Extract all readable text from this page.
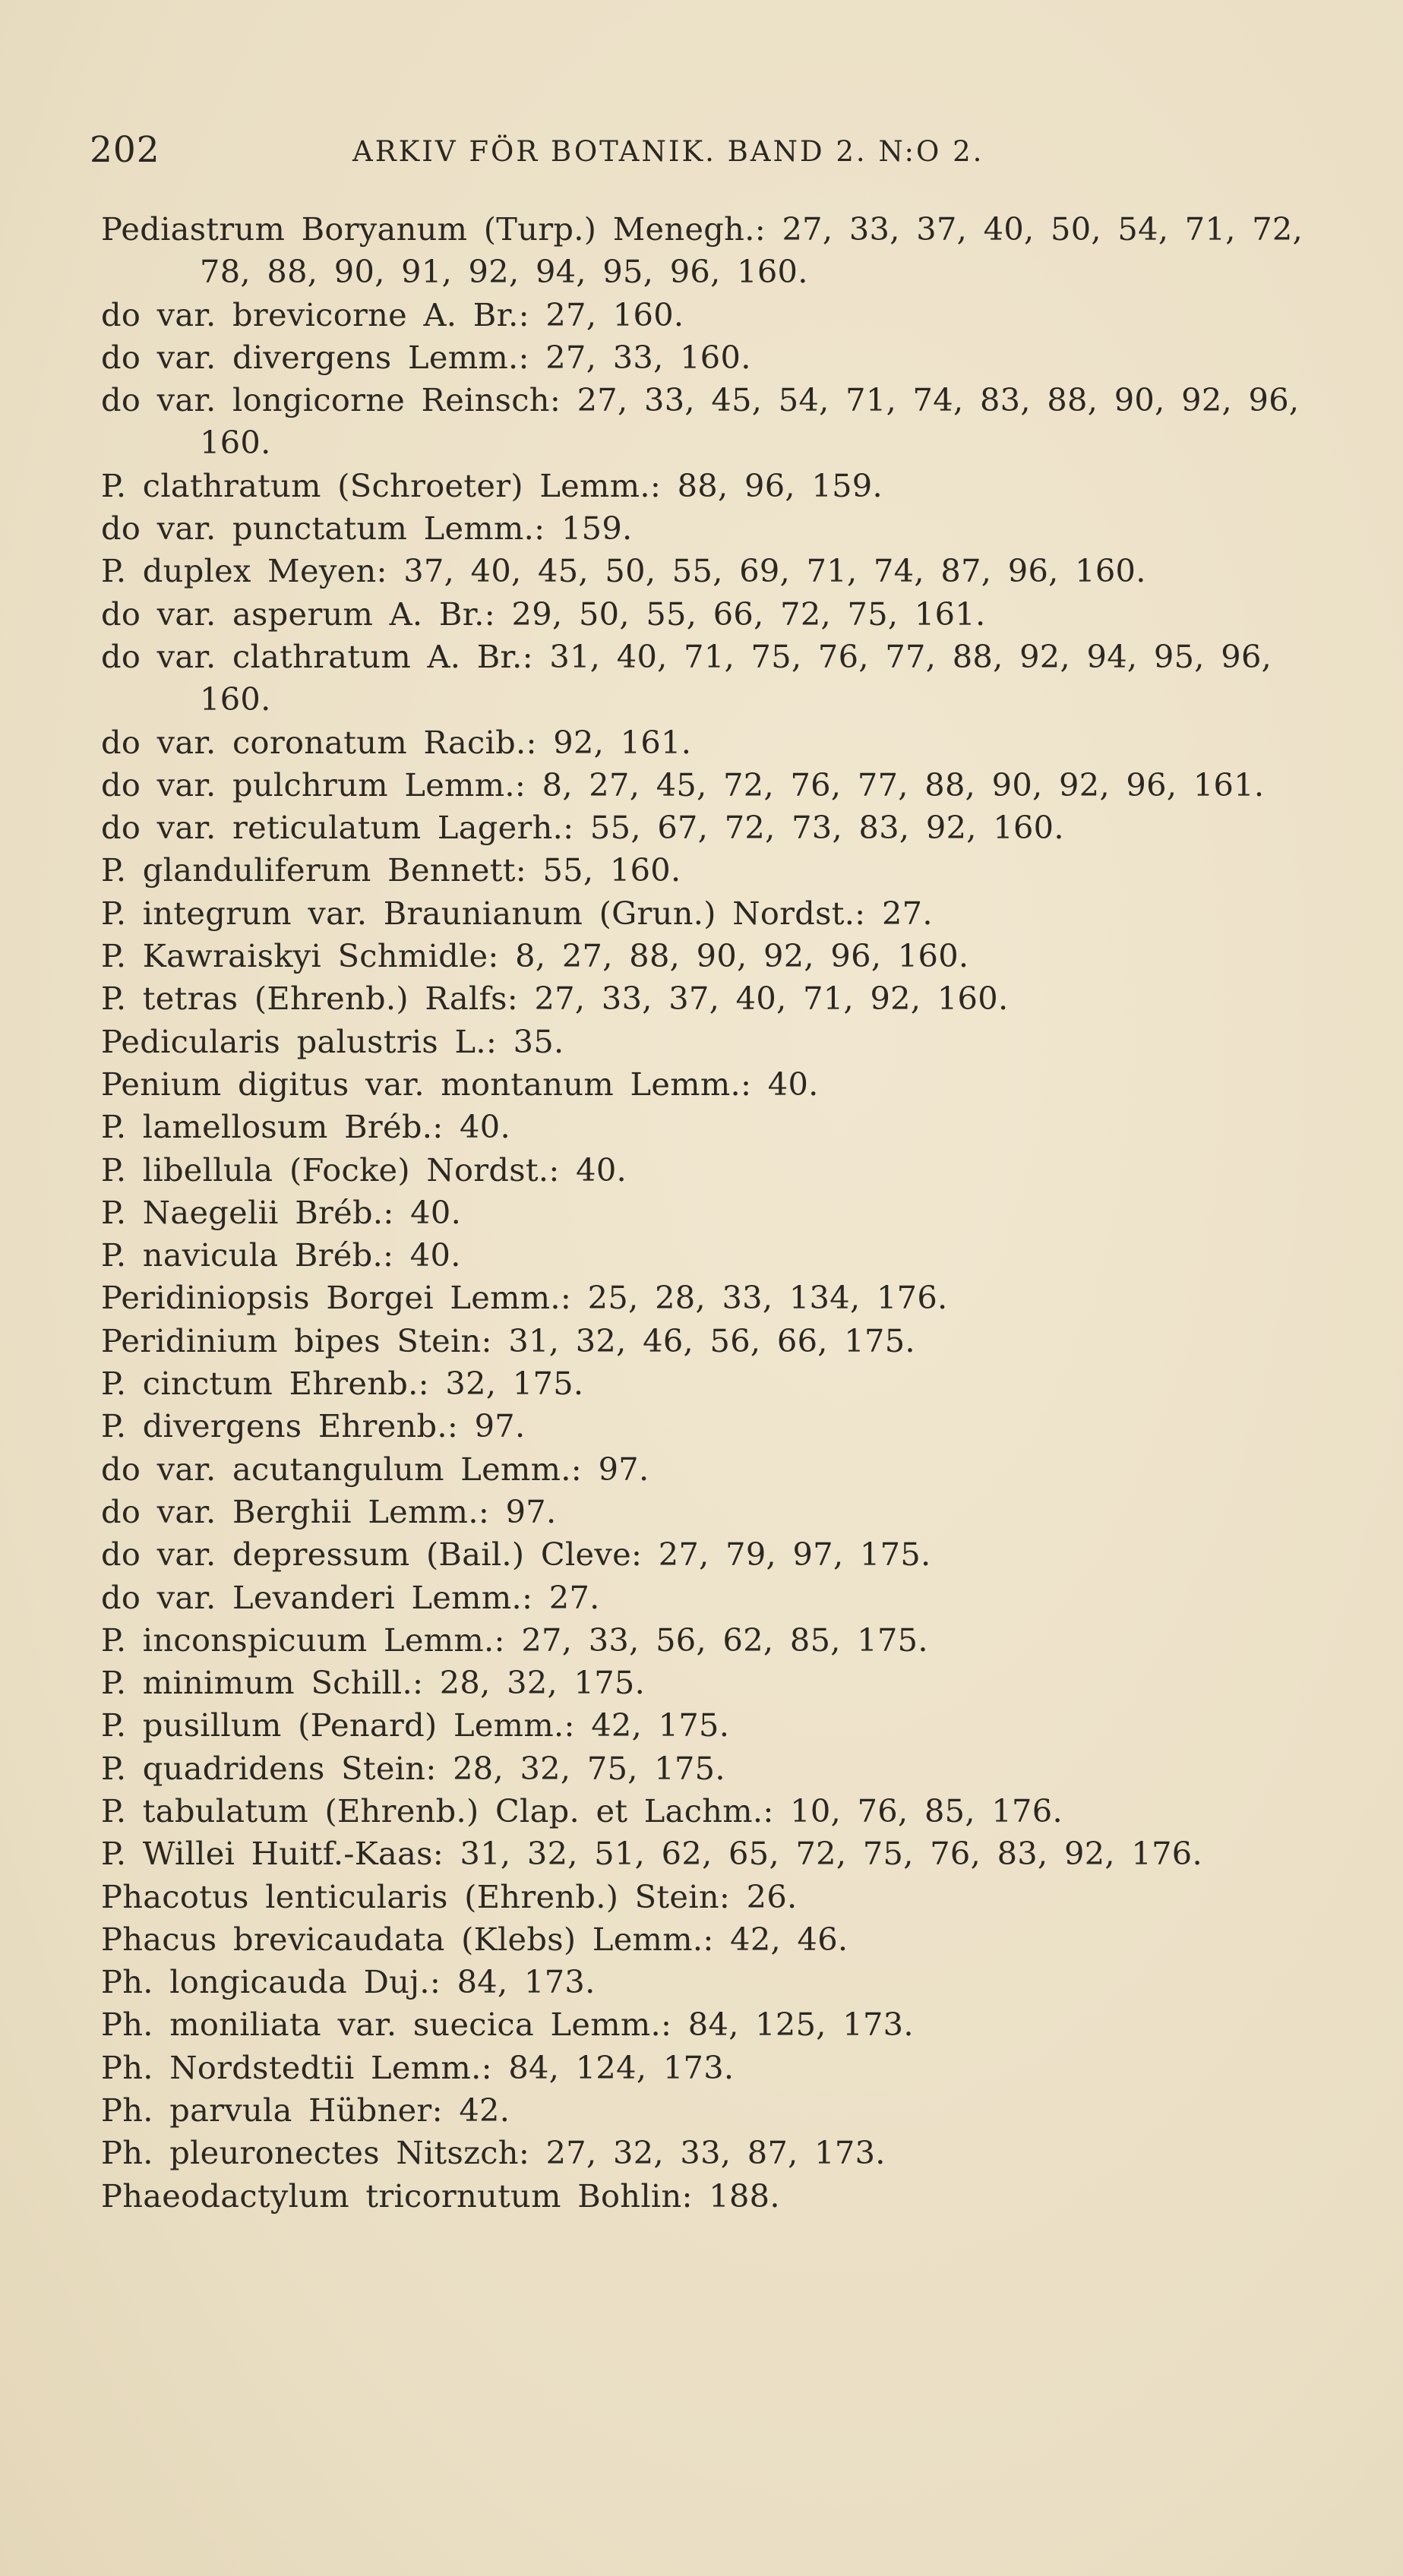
202	ARKIV FÖR BOTANIK. BAND 2. N:O 2.
Pediastrum Boryanum (Turp.) Menegh.: 27, 33, 37, 40, 50, 54, 71, 72, 78, 88, 90, 91, 92, 94, 95, 96, 160.
do var. brevicorne A. Br.: 27, 160.
do var. divergens Lemm.: 27, 33, 160.
do var. longicorne Reinsch: 27, 33, 45, 54, 71, 74, 83, 88, 90, 92, 96, 160.
P. clathratum (Schroeter) Lemm.: 88, 96, 159.
do var. punctatum Lemm.: 159.
P. duplex Meyen: 37, 40, 45, 50, 55, 69, 71, 74, 87, 96, 160.
do var. asperum A. Br.: 29, 50, 55, 66, 72, 75, 161.
do var. clathratum A. Br.: 31, 40, 71, 75, 76, 77, 88, 92, 94, 95, 96, 160.
do var. coronatum Racib.: 92, 161.
do var. pulchrum Lemm.: 8, 27, 45, 72, 76, 77, 88, 90, 92, 96, 161.
do var. reticulatum Lagerh.: 55, 67, 72, 73, 83, 92, 160.
P. glanduliferum Bennett: 55, 160.
P. integrum var. Braunianum (Grun.) Nordst.: 27.
P. Kawraiskyi Schmidle: 8, 27, 88, 90, 92, 96, 160.
P. tetras (Ehrenb.) Ralfs: 27, 33, 37, 40, 71, 92, 160.
Pedicularis palustris L.: 35.
Penium digitus var. montanum Lemm.: 40.
P. lamellosum Bréb.: 40.
P. libellula (Focke) Nordst.: 40.
P. Naegelii Bréb.: 40.
P. navicula Bréb.: 40.
Peridiniopsis Borgei Lemm.: 25, 28, 33, 134, 176.
Peridinium bipes Stein: 31, 32, 46, 56, 66, 175.
P. cinctum Ehrenb.: 32, 175.
P. divergens Ehrenb.: 97.
do var. acutangulum Lemm.: 97.
do var. Berghii Lemm.: 97.
do var. depressum (Bail.) Cleve: 27, 79, 97, 175.
do var. Levanderi Lemm.: 27.
P. inconspicuum Lemm.: 27, 33, 56, 62, 85, 175.
P. minimum Schill.: 28, 32, 175.
P. pusillum (Penard) Lemm.: 42, 175.
P. quadridens Stein: 28, 32, 75, 175.
P. tabulatum (Ehrenb.) Clap. et Lachm.: 10, 76, 85, 176.
P. Willei Huitf.-Kaas: 31, 32, 51, 62, 65, 72, 75, 76, 83, 92, 176.
Phacotus lenticularis (Ehrenb.) Stein: 26.
Phacus brevicaudata (Klebs) Lemm.: 42, 46.
Ph. longicauda Duj.: 84, 173.
Ph. moniliata var. suecica Lemm.: 84, 125, 173.
Ph. Nordstedtii Lemm.: 84, 124, 173.
Ph. parvula Hübner: 42.
Ph. pleuronectes Nitszch: 27, 32, 33, 87, 173.
Phaeodactylum tricornutum Bohlin: 188.
